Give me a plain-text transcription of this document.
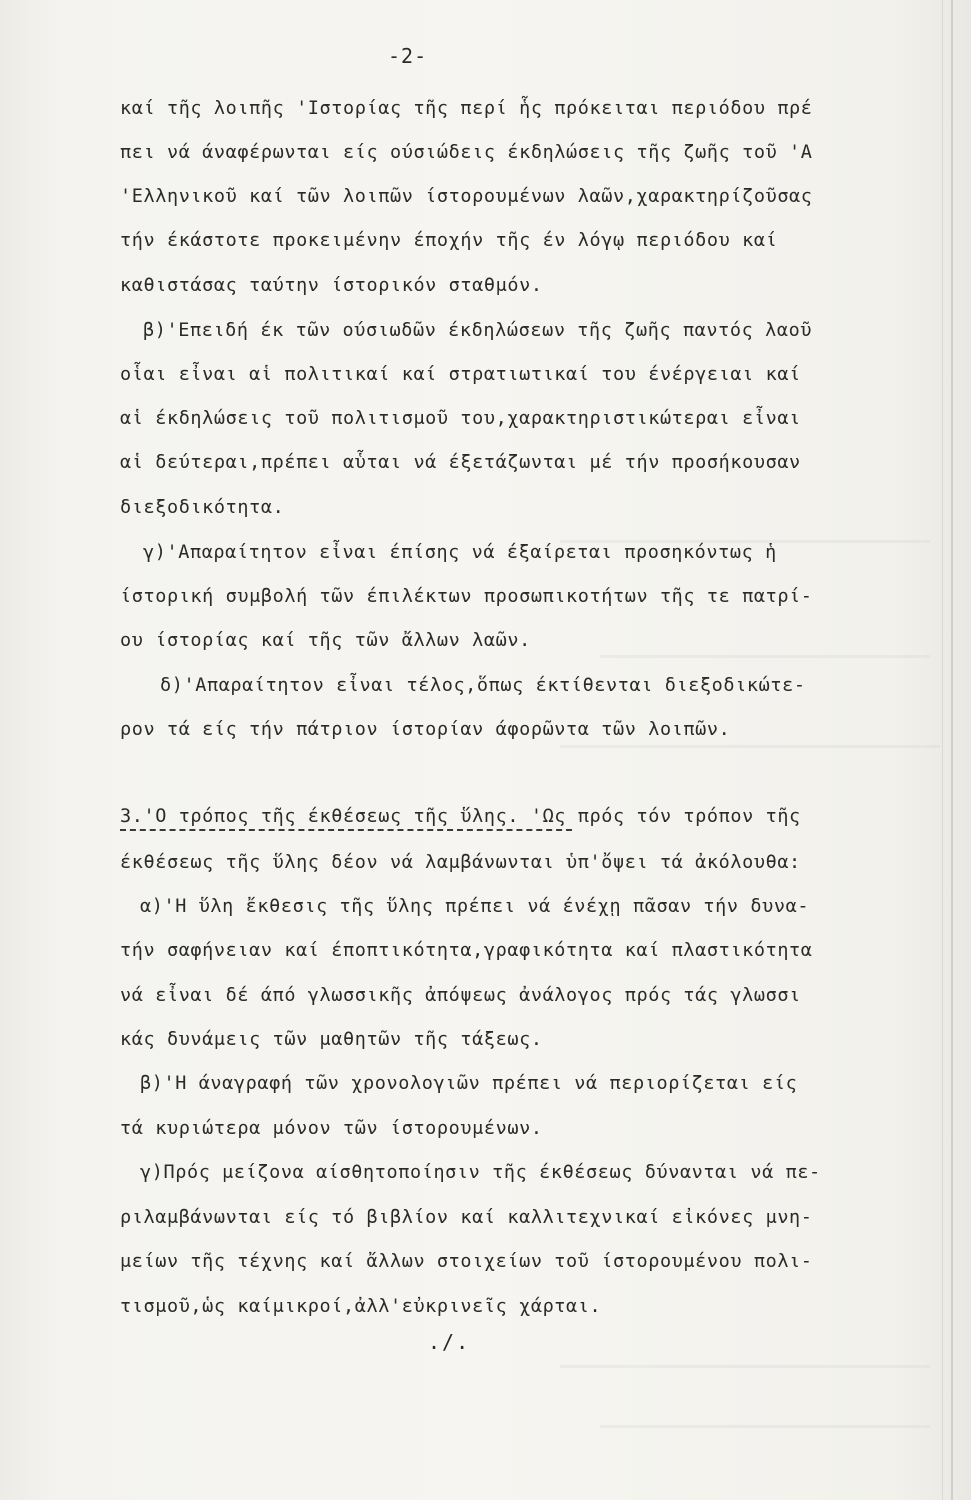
-2-
καί τῆς λοιπῆς 'Ιστορίας τῆς περί ἧς πρόκειται περιόδου πρέ
πει νά άναφέρωνται είς ούσιώδεις έκδηλώσεις τῆς ζωῆς τοῦ 'Α
'Ελληνικοῦ καί τῶν λοιπῶν ίστορουμένων λαῶν,χαρακτηρίζοῦσας
τήν έκάστοτε προκειμένην έποχήν τῆς έν λόγῳ περιόδου καί
καθιστάσας ταύτην ίστορικόν σταθμόν.
β)'Επειδή έκ τῶν ούσιωδῶν έκδηλώσεων τῆς ζωῆς παντός λαοῦ
οἷαι εἶναι αἱ πολιτικαί καί στρατιωτικαί του ένέργειαι καί
αἱ έκδηλώσεις τοῦ πολιτισμοῦ του,χαρακτηριστικώτεραι εἶναι
αἱ δεύτεραι,πρέπει αὗται νά έξετάζωνται μέ τήν προσήκουσαν
διεξοδικότητα.
γ)'Απαραίτητον εἶναι έπίσης νά έξαίρεται προσηκόντως ἡ
ίστορική συμβολή τῶν έπιλέκτων προσωπικοτήτων τῆς τε πατρί-
ου ίστορίας καί τῆς τῶν ἄλλων λαῶν.
δ)'Απαραίτητον εἶναι τέλος,ὅπως έκτίθενται διεξοδικώτε-
ρον τά είς τήν πάτριον ίστορίαν άφορῶντα τῶν λοιπῶν.
3.'Ο τρόπος τῆς έκθέσεως τῆς ὕλης. 'Ως πρός τόν τρόπον τῆς
έκθέσεως τῆς ὕλης δέον νά λαμβάνωνται ὑπ'ὄψει τά ἀκόλουθα:
α)'Η ὕλη ἔκθεσις τῆς ὕλης πρέπει νά ένέχῃ πᾶσαν τήν δυνα-
τήν σαφήνειαν καί έποπτικότητα,γραφικότητα καί πλαστικότητα
νά εἶναι δέ άπό γλωσσικῆς ἀπόψεως ἀνάλογος πρός τάς γλωσσι
κάς δυνάμεις τῶν μαθητῶν τῆς τάξεως.
β)'Η άναγραφή τῶν χρονολογιῶν πρέπει νά περιορίζεται είς
τά κυριώτερα μόνον τῶν ίστορουμένων.
γ)Πρός μείζονα αίσθητοποίησιν τῆς έκθέσεως δύνανται νά πε-
ριλαμβάνωνται είς τό βιβλίον καί καλλιτεχνικαί εἰκόνες μνη-
μείων τῆς τέχνης καί ἄλλων στοιχείων τοῦ ίστορουμένου πολι-
τισμοῦ,ὡς καίμικροί,ἀλλ'εὐκρινεῖς χάρται.
./.
